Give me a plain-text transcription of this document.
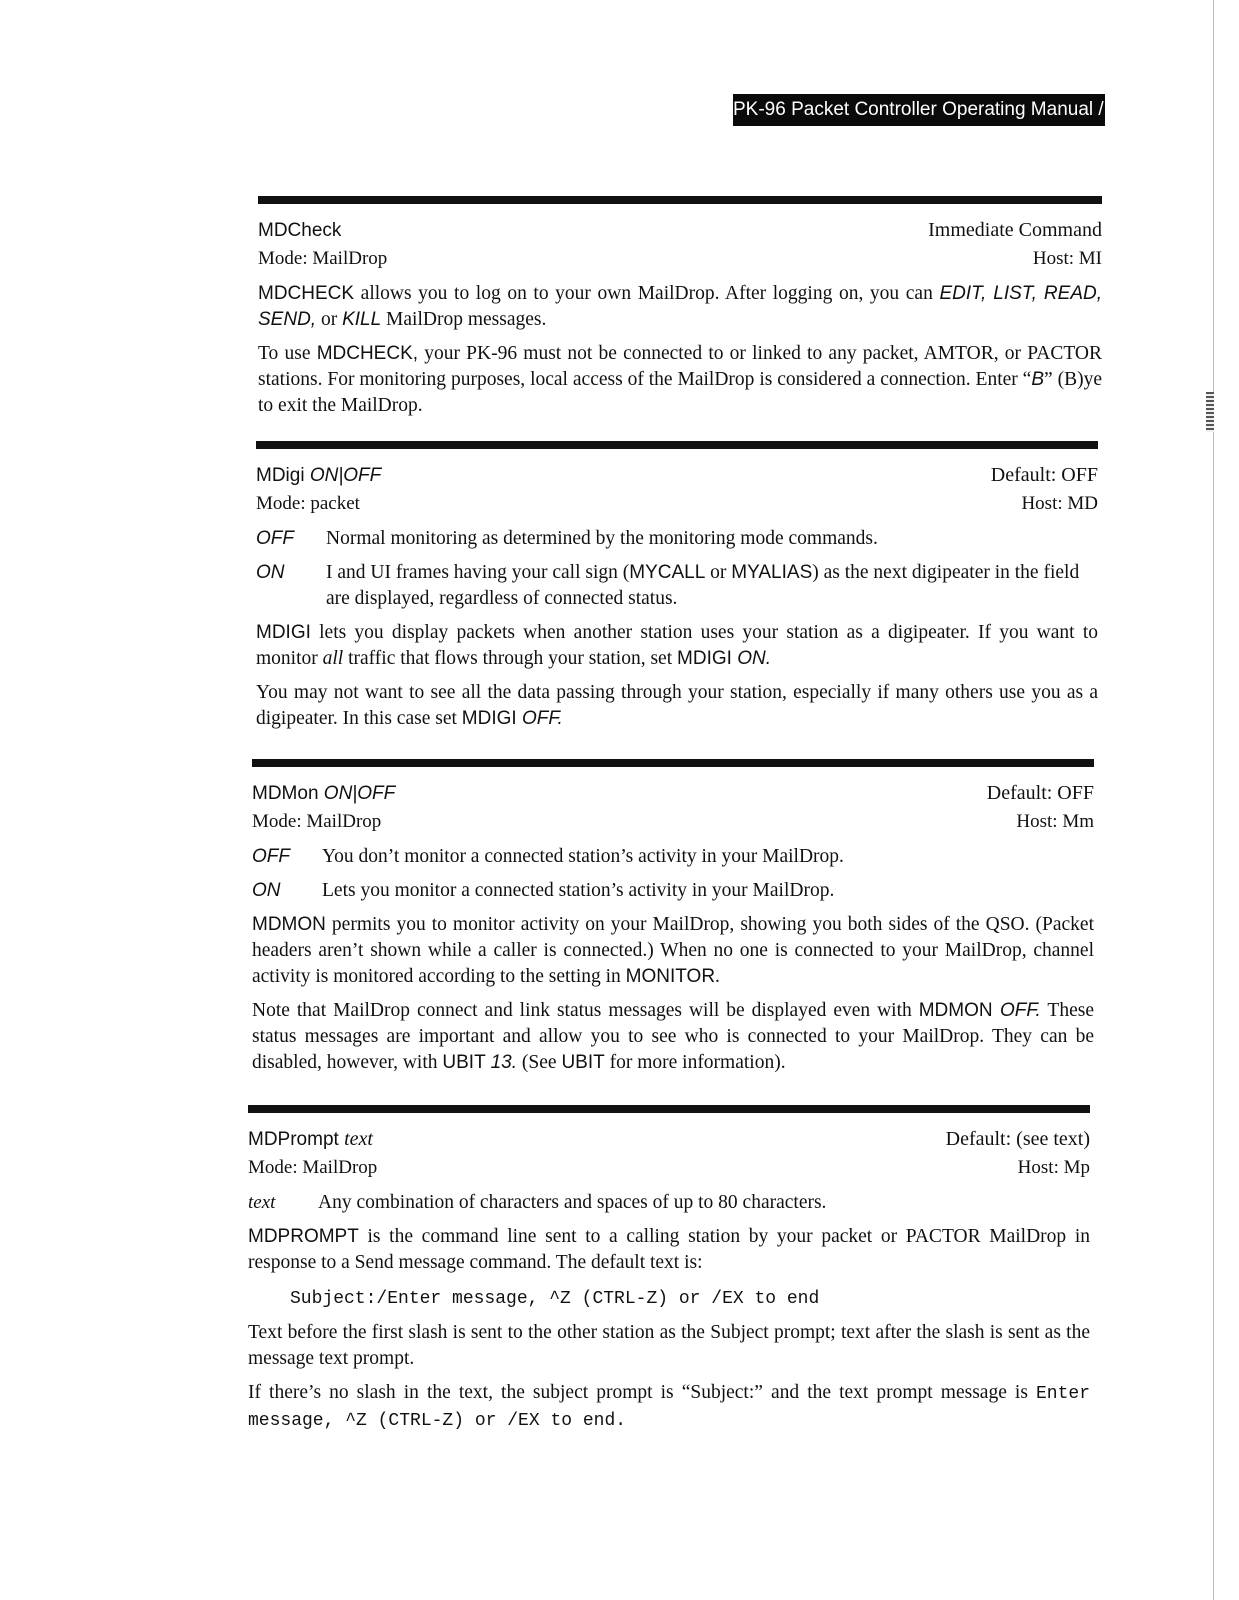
PK-96 Packet Controller Operating Manual / 59
MDCheck	Immediate Command
Mode: MailDrop	Host: MI

MDCHECK allows you to log on to your own MailDrop. After logging on, you can EDIT, LIST, READ, SEND, or KILL MailDrop messages.

To use MDCHECK, your PK-96 must not be connected to or linked to any packet, AMTOR, or PACTOR stations. For monitoring purposes, local access of the MailDrop is considered a connection. Enter “B” (B)ye to exit the MailDrop.

MDigi ON|OFF	Default: OFF
Mode: packet	Host: MD
OFF	Normal monitoring as determined by the monitoring mode commands.
ON	I and UI frames having your call sign (MYCALL or MYALIAS) as the next digipeater in the field are displayed, regardless of connected status.

MDIGI lets you display packets when another station uses your station as a digipeater. If you want to monitor all traffic that flows through your station, set MDIGI ON.

You may not want to see all the data passing through your station, especially if many others use you as a digipeater. In this case set MDIGI OFF.

MDMon ON|OFF	Default: OFF
Mode: MailDrop	Host: Mm
OFF	You don’t monitor a connected station’s activity in your MailDrop.
ON	Lets you monitor a connected station’s activity in your MailDrop.

MDMON permits you to monitor activity on your MailDrop, showing you both sides of the QSO. (Packet headers aren’t shown while a caller is connected.) When no one is connected to your MailDrop, channel activity is monitored according to the setting in MONITOR.

Note that MailDrop connect and link status messages will be displayed even with MDMON OFF. These status messages are important and allow you to see who is connected to your MailDrop. They can be disabled, however, with UBIT 13. (See UBIT for more information).

MDPrompt text	Default: (see text)
Mode: MailDrop	Host: Mp
text	Any combination of characters and spaces of up to 80 characters.

MDPROMPT is the command line sent to a calling station by your packet or PACTOR MailDrop in response to a Send message command. The default text is:

Subject:/Enter message, ^Z (CTRL-Z) or /EX to end

Text before the first slash is sent to the other station as the Subject prompt; text after the slash is sent as the message text prompt.

If there’s no slash in the text, the subject prompt is “Subject:” and the text prompt message is Enter message, ^Z (CTRL-Z) or /EX to end.
